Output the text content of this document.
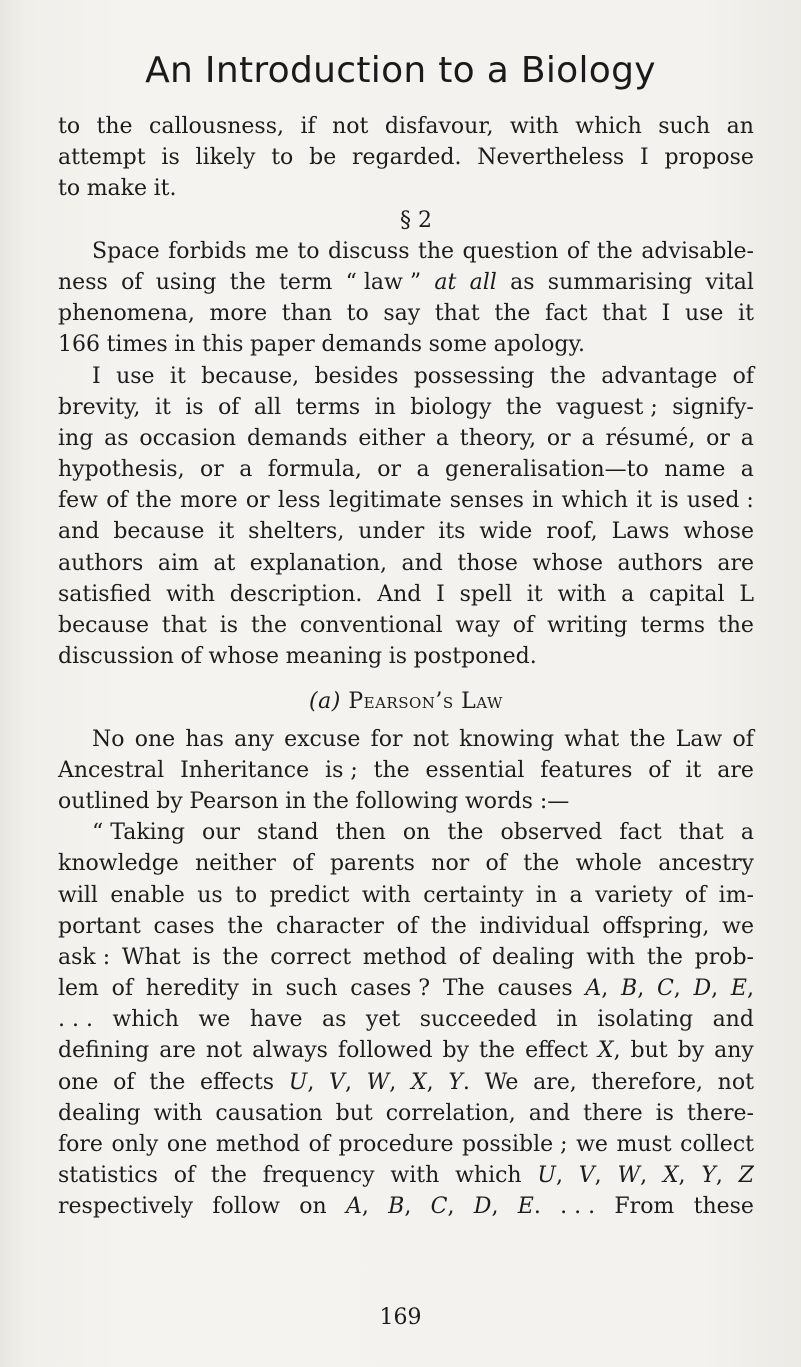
An Introduction to a Biology
to the callousness, if not disfavour, with which such an
attempt is likely to be regarded. Nevertheless I propose
to make it.
§ 2
Space forbids me to discuss the question of the advisable-
ness of using the term “ law ” at all as summarising vital
phenomena, more than to say that the fact that I use it
166 times in this paper demands some apology.
I use it because, besides possessing the advantage of
brevity, it is of all terms in biology the vaguest ; signify-
ing as occasion demands either a theory, or a résumé, or a
hypothesis, or a formula, or a generalisation—to name a
few of the more or less legitimate senses in which it is used :
and because it shelters, under its wide roof, Laws whose
authors aim at explanation, and those whose authors are
satisfied with description. And I spell it with a capital L
because that is the conventional way of writing terms the
discussion of whose meaning is postponed.
(a) Pearson’s Law
No one has any excuse for not knowing what the Law of
Ancestral Inheritance is ; the essential features of it are
outlined by Pearson in the following words :—
“ Taking our stand then on the observed fact that a
knowledge neither of parents nor of the whole ancestry
will enable us to predict with certainty in a variety of im-
portant cases the character of the individual offspring, we
ask : What is the correct method of dealing with the prob-
lem of heredity in such cases ? The causes A, B, C, D, E,
. . . which we have as yet succeeded in isolating and
defining are not always followed by the effect X, but by any
one of the effects U, V, W, X, Y. We are, therefore, not
dealing with causation but correlation, and there is there-
fore only one method of procedure possible ; we must collect
statistics of the frequency with which U, V, W, X, Y, Z
respectively follow on A, B, C, D, E. . . . From these
169
